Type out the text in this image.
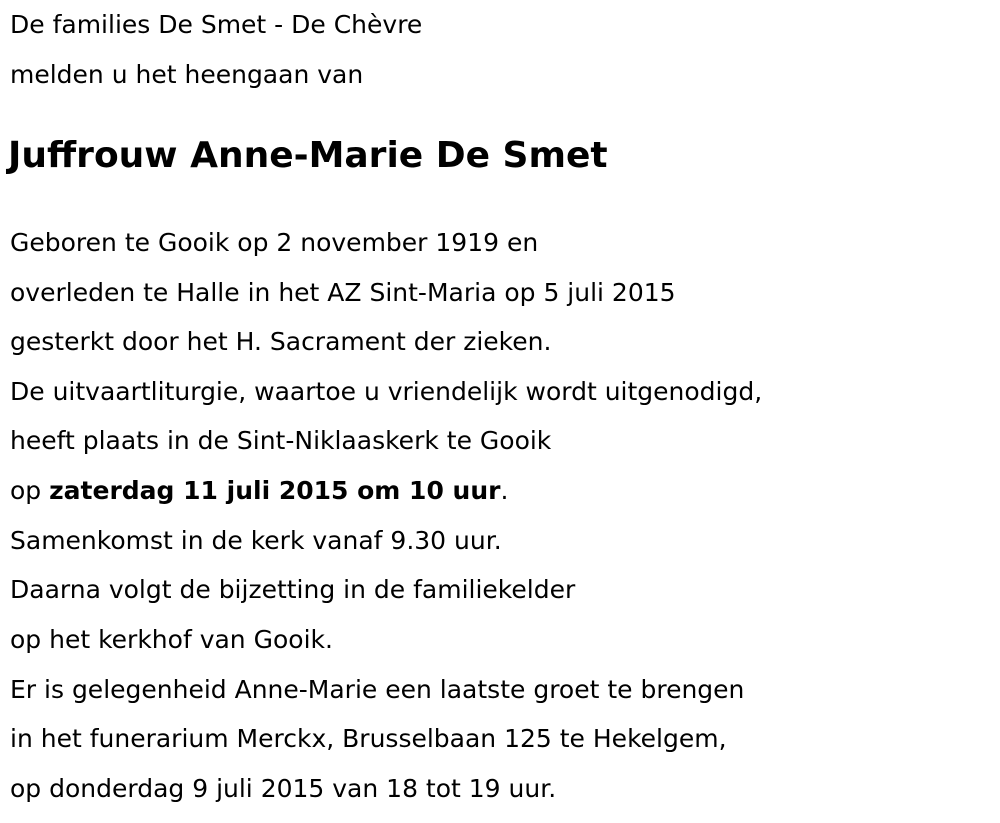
De families De Smet - De Chèvre
melden u het heengaan van
Juffrouw Anne-Marie De Smet
Geboren te Gooik op 2 november 1919 en
overleden te Halle in het AZ Sint-Maria op 5 juli 2015
gesterkt door het H. Sacrament der zieken.
De uitvaartliturgie, waartoe u vriendelijk wordt uitgenodigd,
heeft plaats in de Sint-Niklaaskerk te Gooik
op zaterdag 11 juli 2015 om 10 uur.
Samenkomst in de kerk vanaf 9.30 uur.
Daarna volgt de bijzetting in de familiekelder
op het kerkhof van Gooik.
Er is gelegenheid Anne-Marie een laatste groet te brengen
in het funerarium Merckx, Brusselbaan 125 te Hekelgem,
op donderdag 9 juli 2015 van 18 tot 19 uur.
